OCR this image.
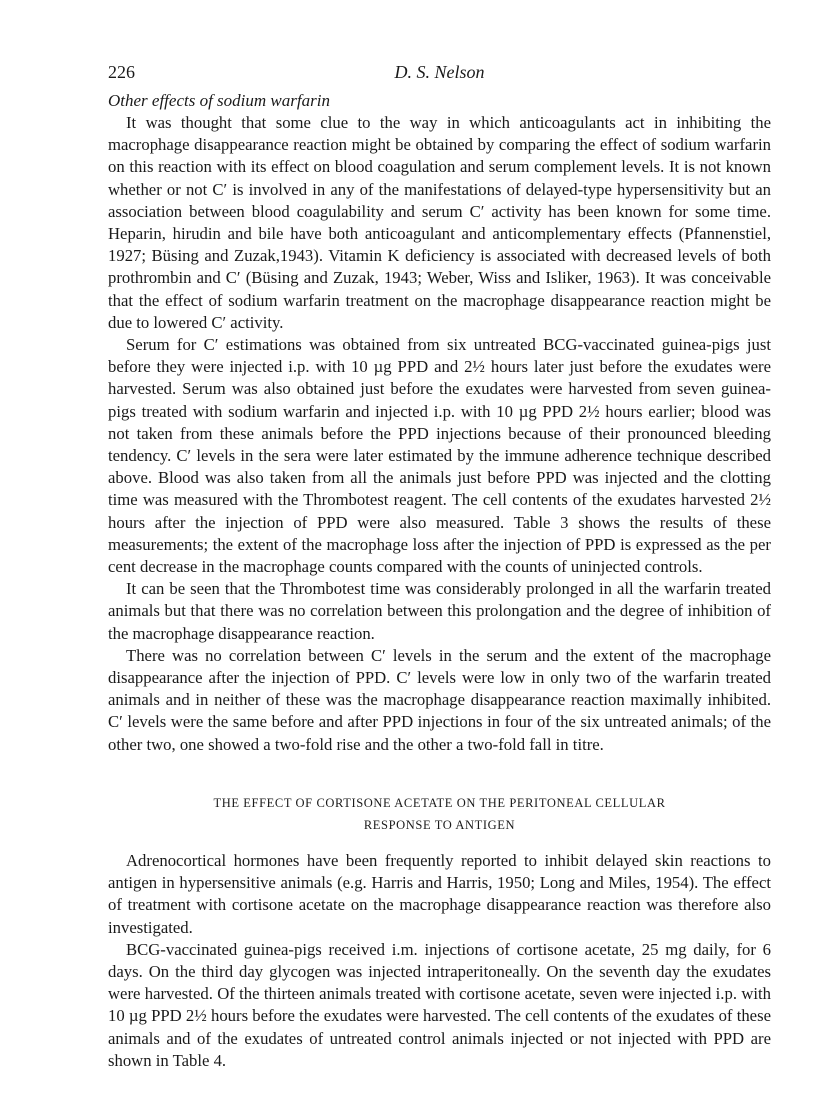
226	D. S. Nelson
Other effects of sodium warfarin

It was thought that some clue to the way in which anticoagulants act in inhibiting the macrophage disappearance reaction might be obtained by comparing the effect of sodium warfarin on this reaction with its effect on blood coagulation and serum complement levels. It is not known whether or not C′ is involved in any of the manifestations of delayed-type hypersensitivity but an association between blood coagulability and serum C′ activity has been known for some time. Heparin, hirudin and bile have both anticoagulant and anticomplementary effects (Pfannenstiel, 1927; Büsing and Zuzak,1943). Vitamin K deficiency is associated with decreased levels of both prothrombin and C′ (Büsing and Zuzak, 1943; Weber, Wiss and Isliker, 1963). It was conceivable that the effect of sodium warfarin treatment on the macrophage disappearance reaction might be due to lowered C′ activity.

Serum for C′ estimations was obtained from six untreated BCG-vaccinated guinea-pigs just before they were injected i.p. with 10 µg PPD and 2½ hours later just before the exudates were harvested. Serum was also obtained just before the exudates were harvested from seven guinea-pigs treated with sodium warfarin and injected i.p. with 10 µg PPD 2½ hours earlier; blood was not taken from these animals before the PPD injections because of their pronounced bleeding tendency. C′ levels in the sera were later estimated by the immune adherence technique described above. Blood was also taken from all the animals just before PPD was injected and the clotting time was measured with the Thrombotest reagent. The cell contents of the exudates harvested 2½ hours after the injection of PPD were also measured. Table 3 shows the results of these measurements; the extent of the macrophage loss after the injection of PPD is expressed as the per cent decrease in the macrophage counts compared with the counts of uninjected controls.

It can be seen that the Thrombotest time was considerably prolonged in all the warfarin treated animals but that there was no correlation between this prolongation and the degree of inhibition of the macrophage disappearance reaction.

There was no correlation between C′ levels in the serum and the extent of the macrophage disappearance after the injection of PPD. C′ levels were low in only two of the warfarin treated animals and in neither of these was the macrophage disappearance reaction maximally inhibited. C′ levels were the same before and after PPD injections in four of the six untreated animals; of the other two, one showed a two-fold rise and the other a two-fold fall in titre.

THE EFFECT OF CORTISONE ACETATE ON THE PERITONEAL CELLULAR
RESPONSE TO ANTIGEN

Adrenocortical hormones have been frequently reported to inhibit delayed skin reactions to antigen in hypersensitive animals (e.g. Harris and Harris, 1950; Long and Miles, 1954). The effect of treatment with cortisone acetate on the macrophage disappearance reaction was therefore also investigated.

BCG-vaccinated guinea-pigs received i.m. injections of cortisone acetate, 25 mg daily, for 6 days. On the third day glycogen was injected intraperitoneally. On the seventh day the exudates were harvested. Of the thirteen animals treated with cortisone acetate, seven were injected i.p. with 10 µg PPD 2½ hours before the exudates were harvested. The cell contents of the exudates of these animals and of the exudates of untreated control animals injected or not injected with PPD are shown in Table 4.
